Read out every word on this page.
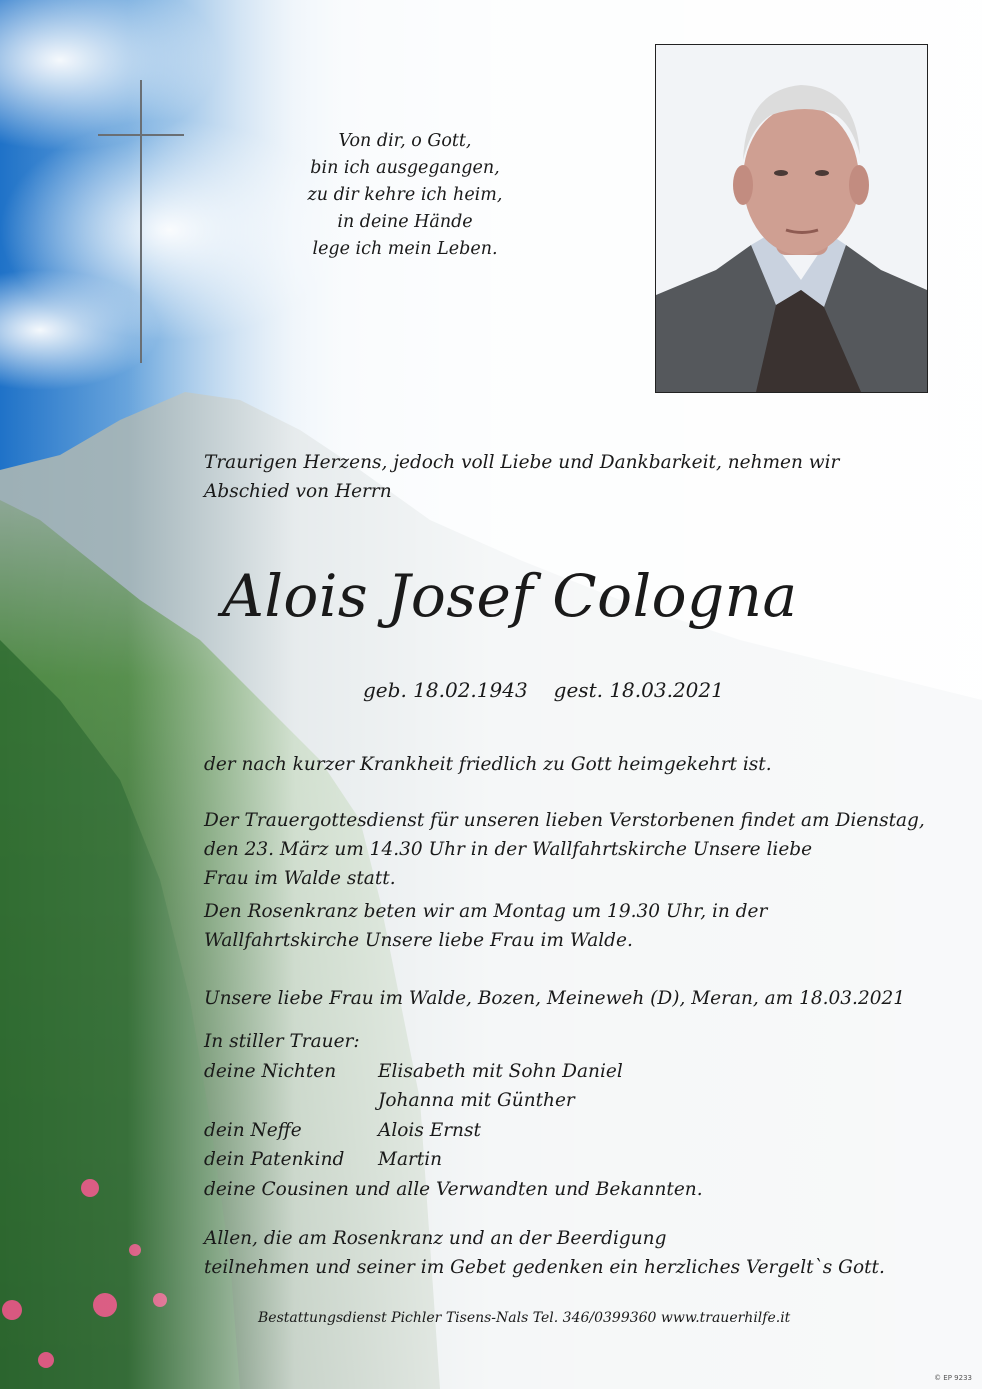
Von dir, o Gott,
bin ich ausgegangen,
zu dir kehre ich heim,
in deine Hände
lege ich mein Leben.
Traurigen Herzens, jedoch voll Liebe und Dankbarkeit, nehmen wir Abschied von Herrn
Alois Josef Cologna
geb. 18.02.1943 gest. 18.03.2021
der nach kurzer Krankheit friedlich zu Gott heimgekehrt ist.
Der Trauergottesdienst für unseren lieben Verstorbenen findet am Dienstag,
den 23. März um 14.30 Uhr in der Wallfahrtskirche Unsere liebe
Frau im Walde statt.
Den Rosenkranz beten wir am Montag um 19.30 Uhr, in der
Wallfahrtskirche Unsere liebe Frau im Walde.
Unsere liebe Frau im Walde, Bozen, Meineweh (D), Meran, am 18.03.2021
In stiller Trauer:
deine Nichten	Elisabeth mit Sohn Daniel
Johanna mit Günther
dein Neffe	Alois Ernst
dein Patenkind	Martin
deine Cousinen und alle Verwandten und Bekannten.
Allen, die am Rosenkranz und an der Beerdigung
teilnehmen und seiner im Gebet gedenken ein herzliches Vergelt`s Gott.
Bestattungsdienst Pichler Tisens-Nals Tel. 346/0399360 www.trauerhilfe.it
© EP 9233
